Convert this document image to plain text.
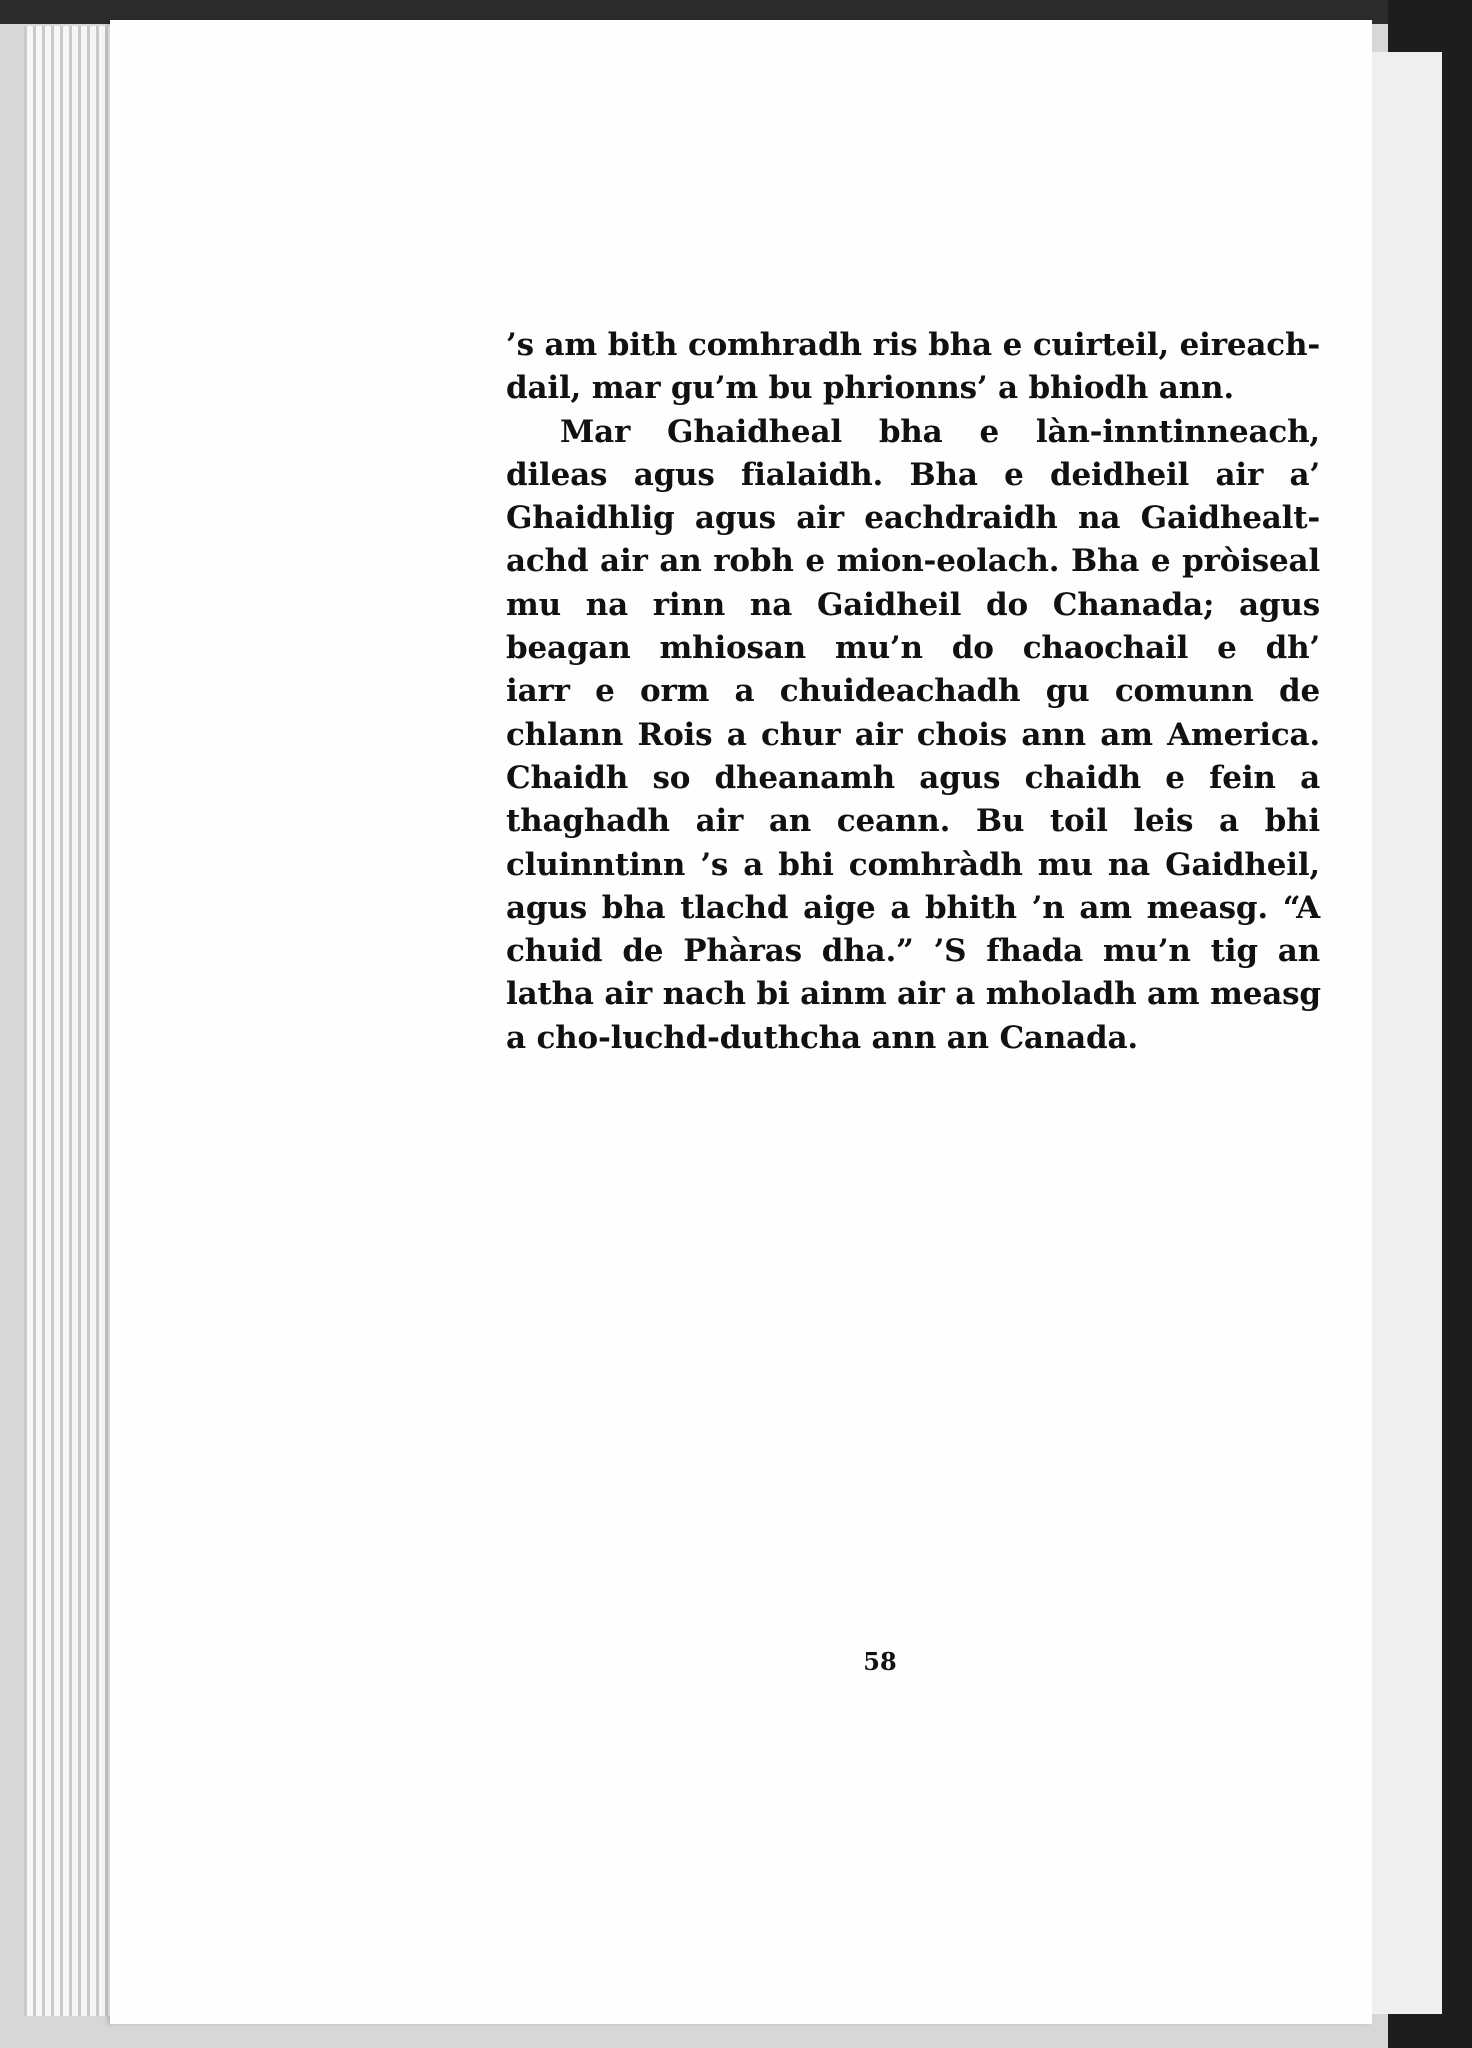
’s am bith comhradh ris bha e cuirteil, eireach-
dail, mar gu’m bu phrionns’ a bhiodh ann.
Mar Ghaidheal bha e làn-inntinneach,
dileas agus fialaidh. Bha e deidheil air a’
Ghaidhlig agus air eachdraidh na Gaidhealt-
achd air an robh e mion-eolach. Bha e pròiseal
mu na rinn na Gaidheil do Chanada; agus
beagan mhiosan mu’n do chaochail e dh’
iarr e orm a chuideachadh gu comunn de
chlann Rois a chur air chois ann am America.
Chaidh so dheanamh agus chaidh e fein a
thaghadh air an ceann. Bu toil leis a bhi
cluinntinn ’s a bhi comhràdh mu na Gaidheil,
agus bha tlachd aige a bhith ’n am measg. “A
chuid de Phàras dha.” ’S fhada mu’n tig an
latha air nach bi ainm air a mholadh am measg
a cho-luchd-duthcha ann an Canada.
58
